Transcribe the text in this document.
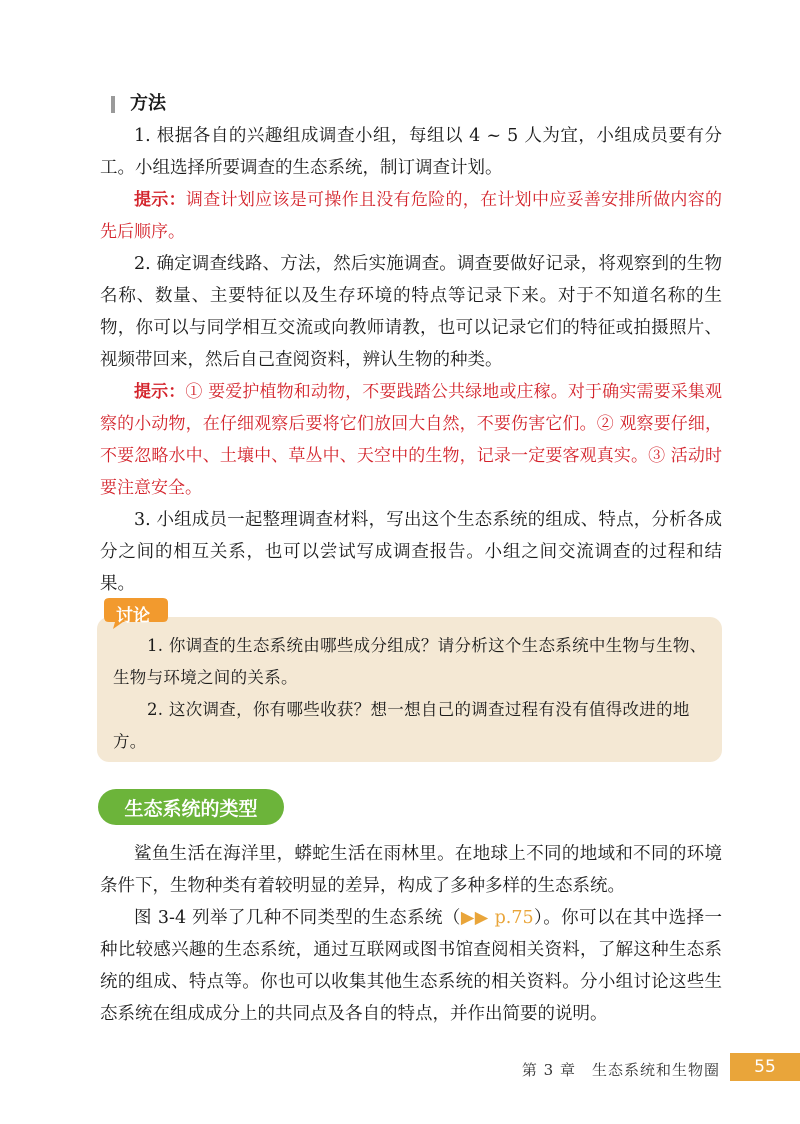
方法

1. 根据各自的兴趣组成调查小组，每组以 4 ~ 5 人为宜，小组成员要有分工。小组选择所要调查的生态系统，制订调查计划。

提示：调查计划应该是可操作且没有危险的，在计划中应妥善安排所做内容的先后顺序。

2. 确定调查线路、方法，然后实施调查。调查要做好记录，将观察到的生物名称、数量、主要特征以及生存环境的特点等记录下来。对于不知道名称的生物，你可以与同学相互交流或向教师请教，也可以记录它们的特征或拍摄照片、视频带回来，然后自己查阅资料，辨认生物的种类。

提示：① 要爱护植物和动物，不要践踏公共绿地或庄稼。对于确实需要采集观察的小动物，在仔细观察后要将它们放回大自然，不要伤害它们。② 观察要仔细，不要忽略水中、土壤中、草丛中、天空中的生物，记录一定要客观真实。③ 活动时要注意安全。

3. 小组成员一起整理调查材料，写出这个生态系统的组成、特点，分析各成分之间的相互关系，也可以尝试写成调查报告。小组之间交流调查的过程和结果。

讨论

1. 你调查的生态系统由哪些成分组成？请分析这个生态系统中生物与生物、生物与环境之间的关系。

2. 这次调查，你有哪些收获？想一想自己的调查过程有没有值得改进的地方。

生态系统的类型

鲨鱼生活在海洋里，蟒蛇生活在雨林里。在地球上不同的地域和不同的环境条件下，生物种类有着较明显的差异，构成了多种多样的生态系统。

图 3-4 列举了几种不同类型的生态系统（▶▶ p.75）。你可以在其中选择一种比较感兴趣的生态系统，通过互联网或图书馆查阅相关资料，了解这种生态系统的组成、特点等。你也可以收集其他生态系统的相关资料。分小组讨论这些生态系统在组成成分上的共同点及各自的特点，并作出简要的说明。

第 3 章 生态系统和生物圈	55
